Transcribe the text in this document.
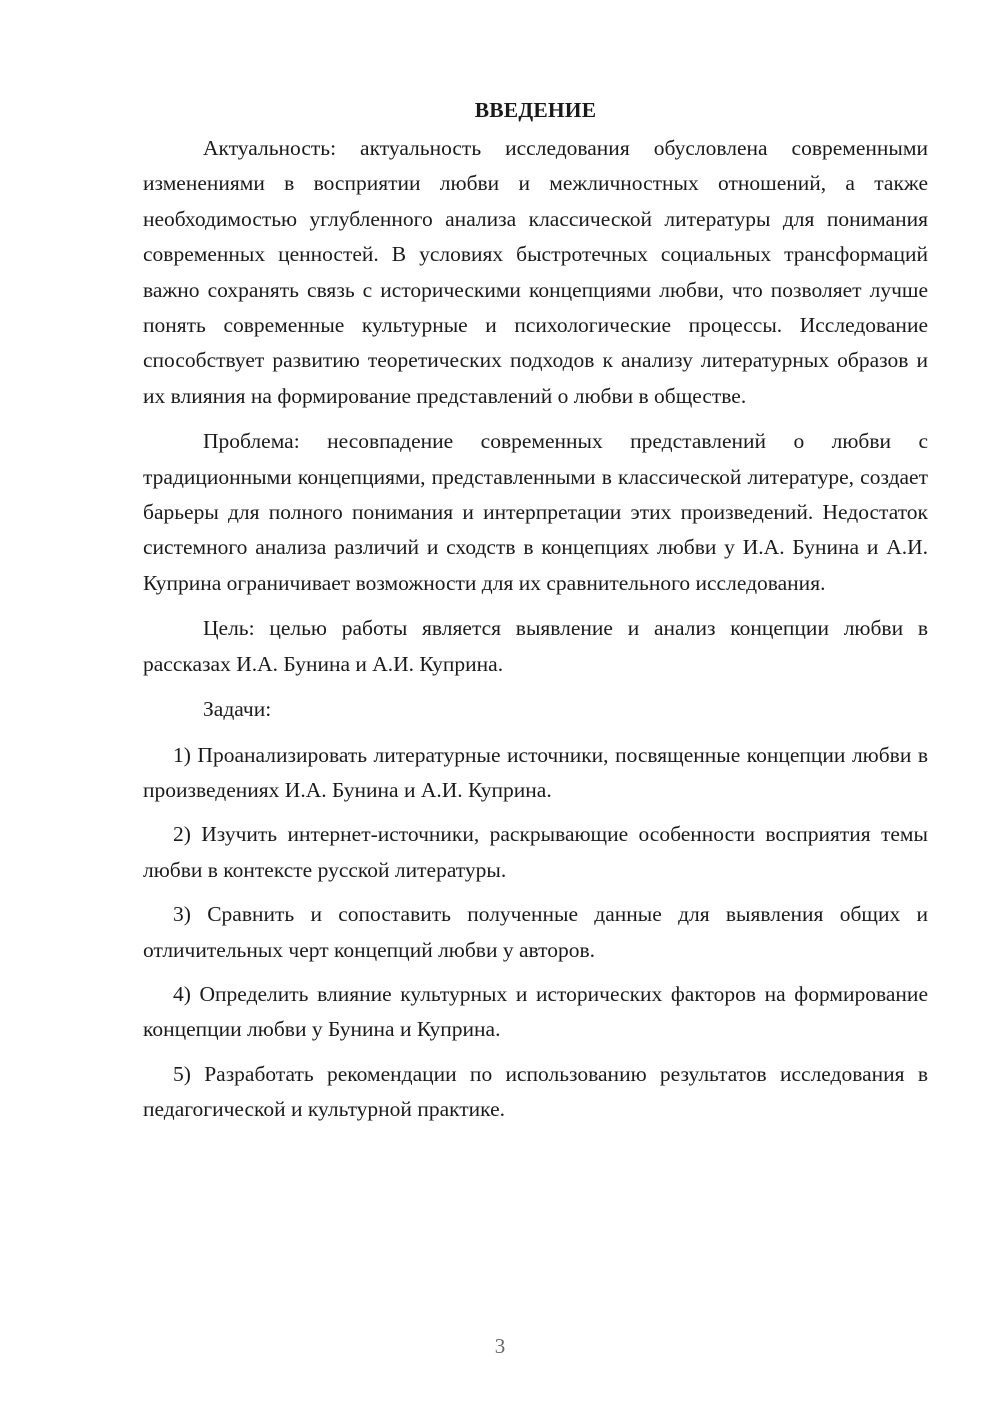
ВВЕДЕНИЕ

Актуальность: актуальность исследования обусловлена современными изменениями в восприятии любви и межличностных отношений, а также необходимостью углубленного анализа классической литературы для понимания современных ценностей. В условиях быстротечных социальных трансформаций важно сохранять связь с историческими концепциями любви, что позволяет лучше понять современные культурные и психологические процессы. Исследование способствует развитию теоретических подходов к анализу литературных образов и их влияния на формирование представлений о любви в обществе.

Проблема: несовпадение современных представлений о любви с традиционными концепциями, представленными в классической литературе, создает барьеры для полного понимания и интерпретации этих произведений. Недостаток системного анализа различий и сходств в концепциях любви у И.А. Бунина и А.И. Куприна ограничивает возможности для их сравнительного исследования.

Цель: целью работы является выявление и анализ концепции любви в рассказах И.А. Бунина и А.И. Куприна.

Задачи:

1) Проанализировать литературные источники, посвященные концепции любви в произведениях И.А. Бунина и А.И. Куприна.

2) Изучить интернет-источники, раскрывающие особенности восприятия темы любви в контексте русской литературы.

3) Сравнить и сопоставить полученные данные для выявления общих и отличительных черт концепций любви у авторов.

4) Определить влияние культурных и исторических факторов на формирование концепции любви у Бунина и Куприна.

5) Разработать рекомендации по использованию результатов исследования в педагогической и культурной практике.

3
